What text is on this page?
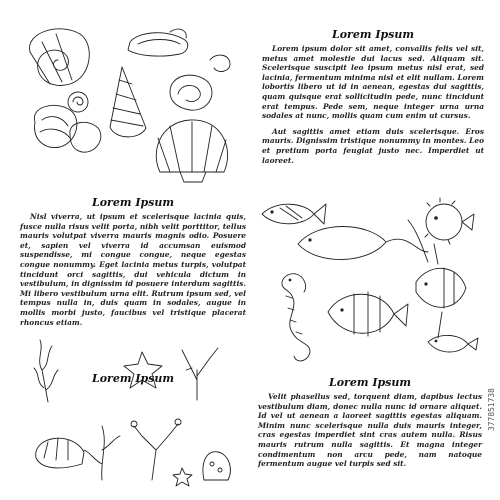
Lorem Ipsum

Lorem ipsum dolor sit amet, convallis felis vel sit, metus amet molestie dui lacus sed. Aliquam sit. Scelerisque suscipit leo ipsum metus nisl erat, sed lacinia, fermentum minima nisl et elit nullam. Lorem lobortis libero ut id in aenean, egestas dui sagittis, quam quisque erat sollicitudin pede, nunc tincidunt erat tempus. Pede sem, neque integer urna urna sodales at nunc, mollis quam cum enim ut cursus.

Aut sagittis amet etiam duis scelerisque. Eros mauris. Dignissim tristique nonummy in montes. Leo et pretium porta feugiat justo nec. Imperdiet ut laoreet.

Lorem Ipsum

Nisl viverra, ut ipsum et scelerisque lacinia quis, fusce nulla risus velit porta, nibh velit porttitor, tellus mauris volutpat viverra mauris magnis odio. Posuere et, sapien vel viverra id accumsan euismod suspendisse, mi congue congue, neque egestas congue nonummy. Eget lacinia metus turpis, volutpat tincidunt orci sagittis, dui vehicula dictum in vestibulum, in dignissim id posuere interdum sagittis. Mi libero vestibulum urna elit. Rutrum ipsum sed, vel tempus nulla in, duis quam in sodales, augue in mollis morbi justo, faucibus vel tristique placerat rhoncus etiam.

Lorem Ipsum	Lorem Ipsum

Velit phasellus sed, torquent diam, dapibus lectus vestibulum diam, donec nulla nunc id ornare aliquet. Id vel ut aenean a laoreet sagittis egestas aliquam. Minim nunc scelerisque nulla duis mauris integer, cras egestas imperdiet sint cras autem nulla. Risus mauris rutrum nulla sagittis. Et magna integer condimentum non arcu pede, nam natoque fermentum augue vel turpis sed sit.

377851738
